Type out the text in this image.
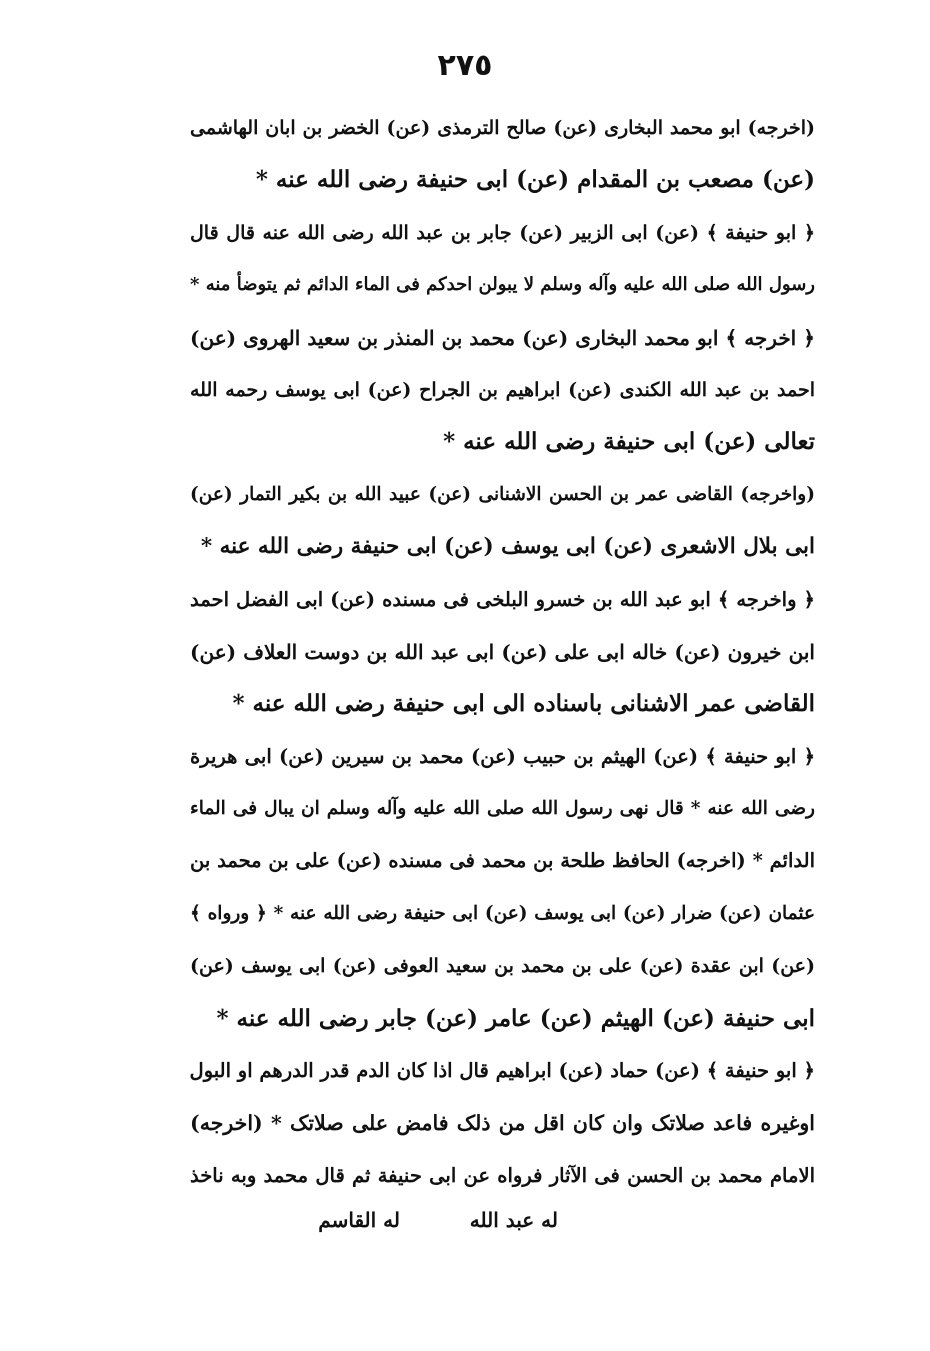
٢٧٥
(اخرجه) ابو محمد البخاری (عن) صالح الترمذی (عن) الخضر بن ابان الهاشمی
(عن) مصعب بن المقدام (عن) ابی حنیفة رضی الله عنه *
﴿ ابو حنیفة ﴾ (عن) ابی الزبیر (عن) جابر بن عبد الله رضی الله عنه قال قال
رسول الله صلی الله علیه وآله وسلم لا یبولن احدکم فی الماء الدائم ثم یتوضأ منه *
﴿ اخرجه ﴾ ابو محمد البخاری (عن) محمد بن المنذر بن سعید الهروی (عن)
احمد بن عبد الله الکندی (عن) ابراهیم بن الجراح (عن) ابی یوسف رحمه الله
تعالی (عن) ابی حنیفة رضی الله عنه *
(واخرجه) القاضی عمر بن الحسن الاشنانی (عن) عبید الله بن بکیر التمار (عن)
ابی بلال الاشعری (عن) ابی یوسف (عن) ابی حنیفة رضی الله عنه *
﴿ واخرجه ﴾ ابو عبد الله بن خسرو البلخی فی مسنده (عن) ابی الفضل احمد
ابن خیرون (عن) خاله ابی علی (عن) ابی عبد الله بن دوست العلاف (عن)
القاضی عمر الاشنانی باسناده الی ابی حنیفة رضی الله عنه *
﴿ ابو حنیفة ﴾ (عن) الهیثم بن حبیب (عن) محمد بن سیرین (عن) ابی هریرة
رضی الله عنه * قال نهی رسول الله صلی الله علیه وآله وسلم ان یبال فی الماء
الدائم * (اخرجه) الحافظ طلحة بن محمد فی مسنده (عن) علی بن محمد بن
عثمان (عن) ضرار (عن) ابی یوسف (عن) ابی حنیفة رضی الله عنه * ﴿ ورواه ﴾
(عن) ابن عقدة (عن) علی بن محمد بن سعید العوفی (عن) ابی یوسف (عن)
ابی حنیفة (عن) الهیثم (عن) عامر (عن) جابر رضی الله عنه *
﴿ ابو حنیفة ﴾ (عن) حماد (عن) ابراهیم قال اذا کان الدم قدر الدرهم او البول
اوغیره فاعد صلاتک وان کان اقل من ذلک فامض علی صلاتک * (اخرجه)
الامام محمد بن الحسن فی الآثار فرواه عن ابی حنیفة ثم قال محمد وبه ناخذ
له عبد الله
له القاسم
